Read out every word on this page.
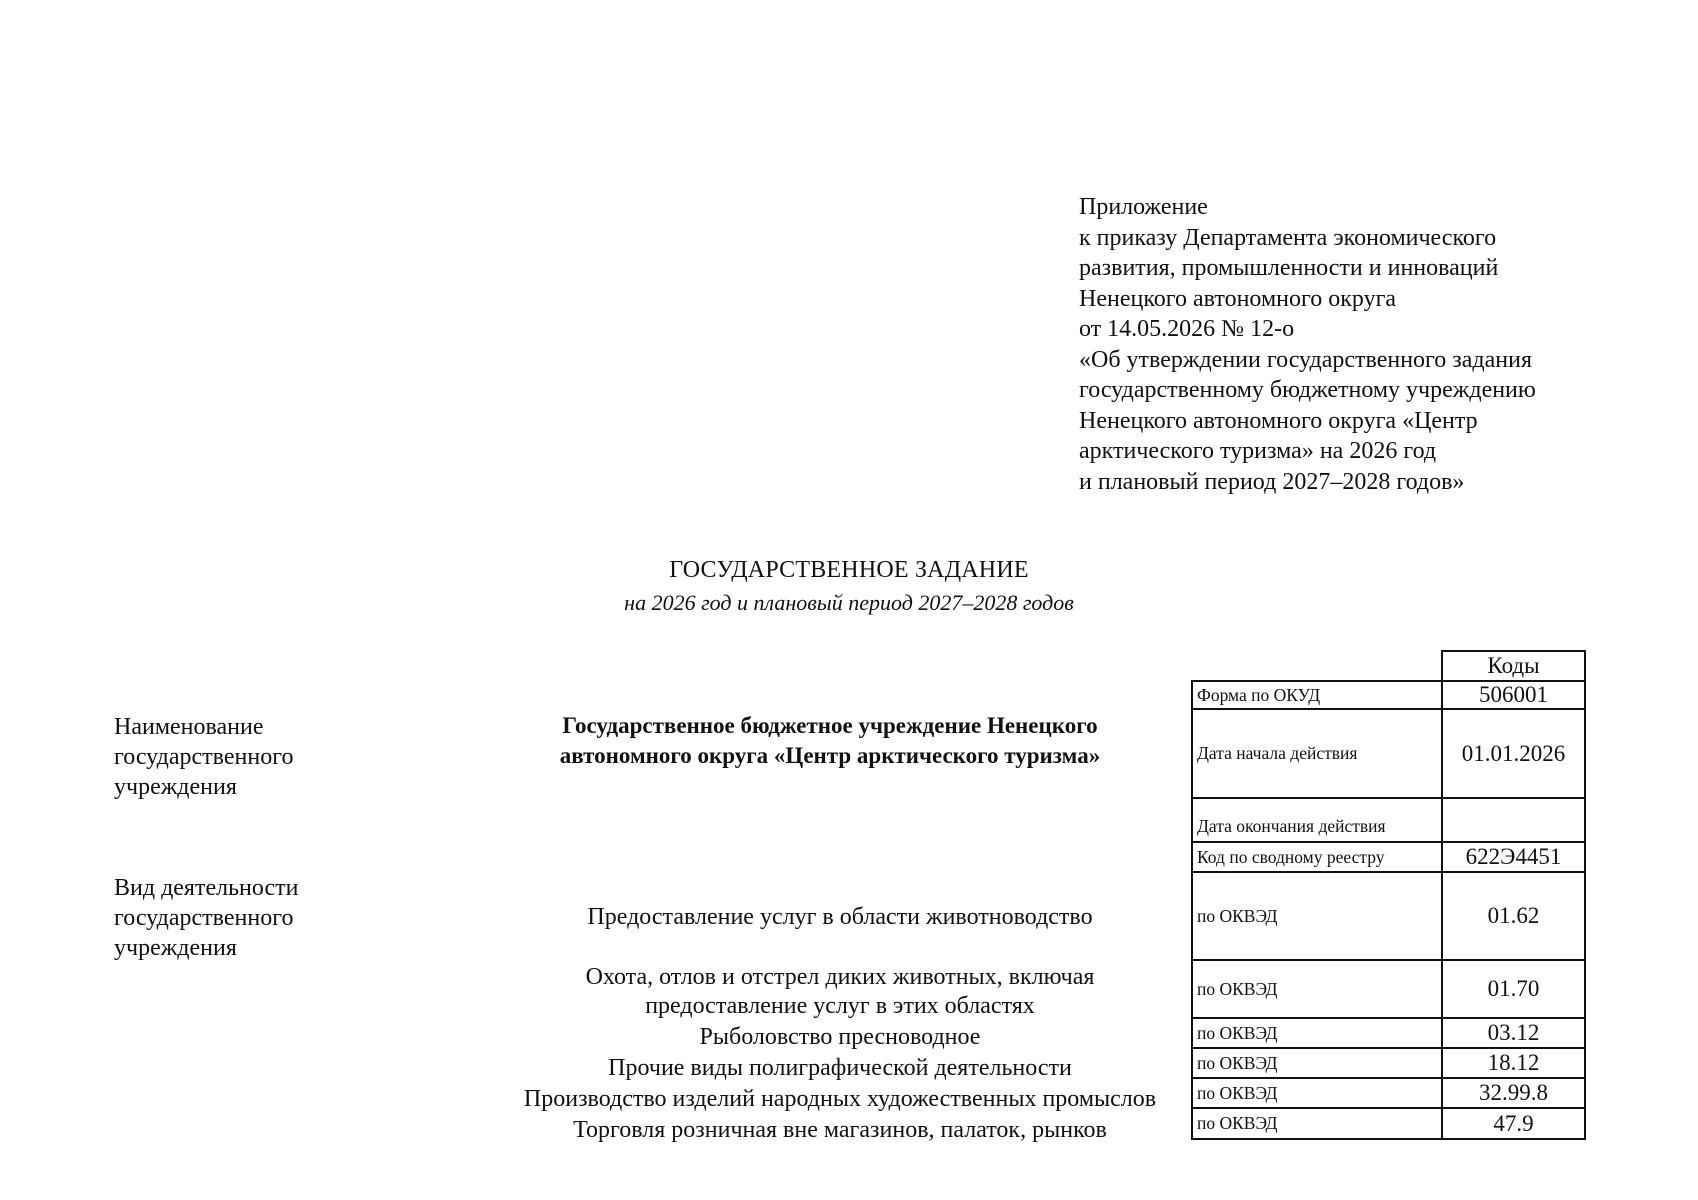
Приложение
к приказу Департамента экономического
развития, промышленности и инноваций
Ненецкого автономного округа
от 14.05.2026 № 12-о
«Об утверждении государственного задания
государственному бюджетному учреждению
Ненецкого автономного округа «Центр
арктического туризма» на 2026 год
и плановый период 2027–2028 годов»
ГОСУДАРСТВЕННОЕ ЗАДАНИЕ
на 2026 год и плановый период 2027–2028 годов
Наименование
государственного
учреждения
Государственное бюджетное учреждение Ненецкого
автономного округа «Центр арктического туризма»
Вид деятельности
государственного
учреждения
Предоставление услуг в области животноводство
Охота, отлов и отстрел диких животных, включая
предоставление услуг в этих областях
Рыболовство пресноводное
Прочие виды полиграфической деятельности
Производство изделий народных художественных промыслов
Торговля розничная вне магазинов, палаток, рынков
Коды
Форма по ОКУД	506001
Дата начала действия	01.01.2026
Дата окончания действия
Код по сводному реестру	622Э4451
по ОКВЭД	01.62
по ОКВЭД	01.70
по ОКВЭД	03.12
по ОКВЭД	18.12
по ОКВЭД	32.99.8
по ОКВЭД	47.9
